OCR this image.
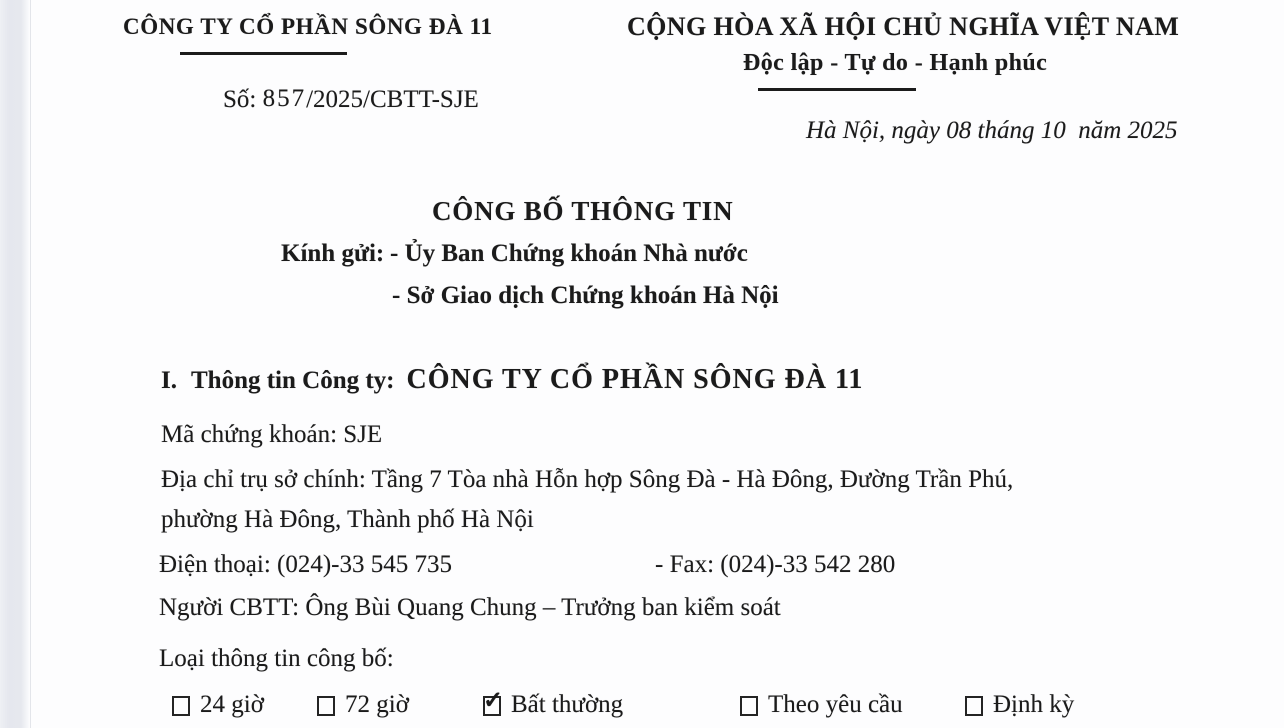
CÔNG TY CỔ PHẦN SÔNG ĐÀ 11
Số: 857/2025/CBTT-SJE
CỘNG HÒA XÃ HỘI CHỦ NGHĨA VIỆT NAM
Độc lập - Tự do - Hạnh phúc
Hà Nội, ngày 08 tháng 10  năm 2025
CÔNG BỐ THÔNG TIN
Kính gửi: - Ủy Ban Chứng khoán Nhà nước
- Sở Giao dịch Chứng khoán Hà Nội
I. Thông tin Công ty: CÔNG TY CỔ PHẦN SÔNG ĐÀ 11
Mã chứng khoán: SJE
Địa chỉ trụ sở chính: Tầng 7 Tòa nhà Hỗn hợp Sông Đà - Hà Đông, Đường Trần Phú,
phường Hà Đông, Thành phố Hà Nội
Điện thoại: (024)-33 545 735	- Fax: (024)-33 542 280
Người CBTT: Ông Bùi Quang Chung – Trưởng ban kiểm soát
Loại thông tin công bố:
24 giờ	72 giờ	✓ Bất thường	Theo yêu cầu	Định kỳ
